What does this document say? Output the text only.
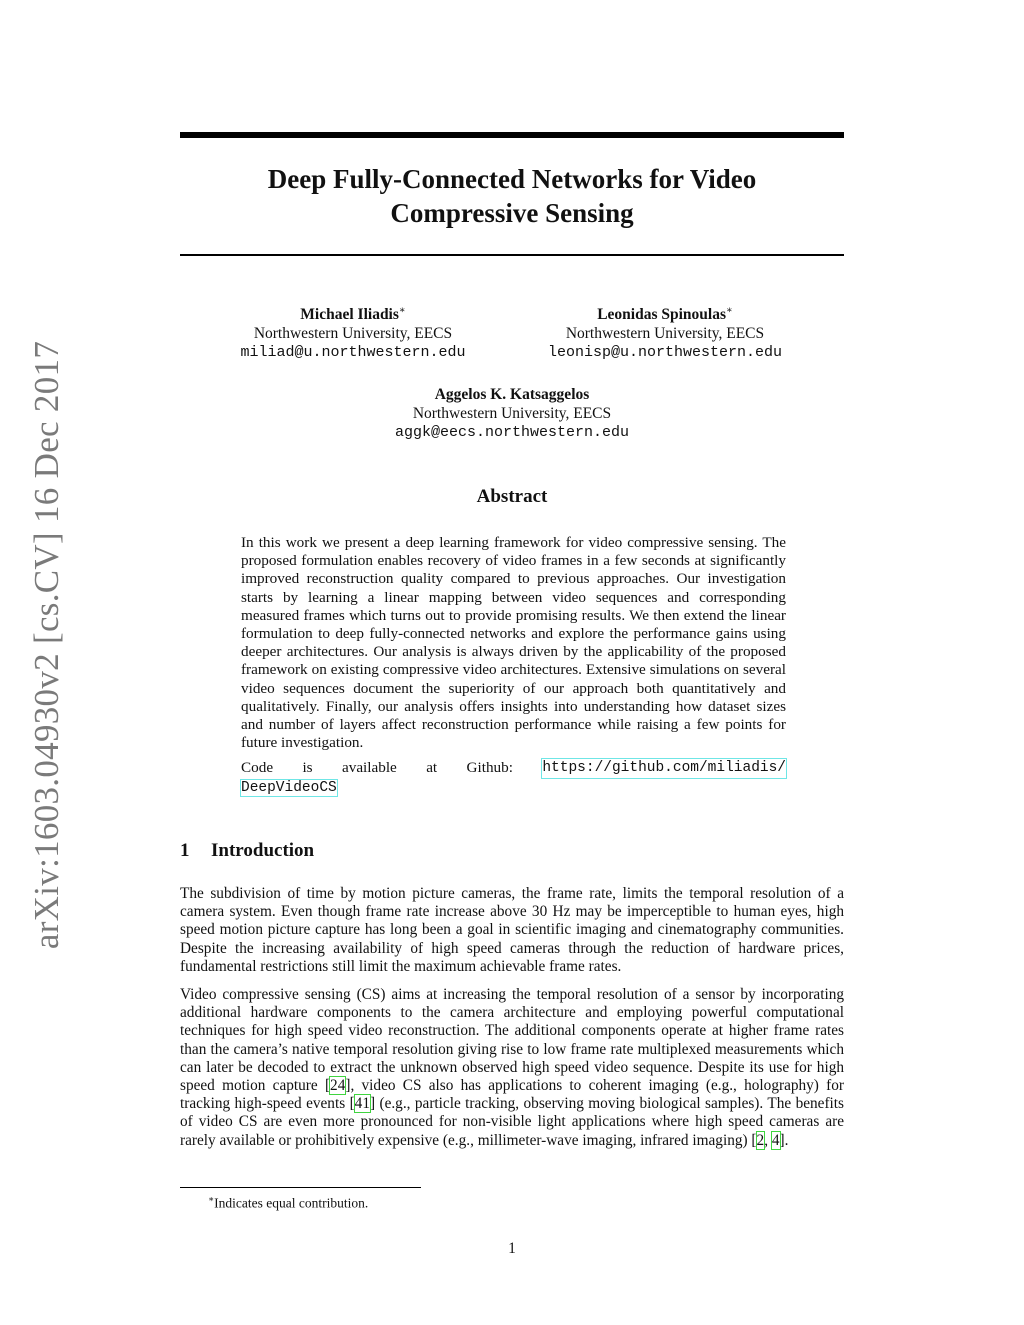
arXiv:1603.04930v2 [cs.CV] 16 Dec 2017
Deep Fully-Connected Networks for Video
Compressive Sensing
Michael Iliadis∗
Northwestern University, EECS
miliad@u.northwestern.edu
Leonidas Spinoulas∗
Northwestern University, EECS
leonisp@u.northwestern.edu
Aggelos K. Katsaggelos
Northwestern University, EECS
aggk@eecs.northwestern.edu
Abstract
In this work we present a deep learning framework for video compressive sensing. The proposed formulation enables recovery of video frames in a few seconds at significantly improved reconstruction quality compared to previous approaches. Our investigation starts by learning a linear mapping between video sequences and corresponding measured frames which turns out to provide promising results. We then extend the linear formulation to deep fully-connected networks and explore the performance gains using deeper architectures. Our analysis is always driven by the applicability of the proposed framework on existing compressive video architectures. Extensive simulations on several video sequences document the superiority of our approach both quantitatively and qualitatively. Finally, our analysis offers insights into understanding how dataset sizes and number of layers affect reconstruction performance while raising a few points for future investigation.
Code is available at Github: https://github.com/miliadis/
DeepVideoCS
1 Introduction
The subdivision of time by motion picture cameras, the frame rate, limits the temporal resolution of a camera system. Even though frame rate increase above 30 Hz may be imperceptible to human eyes, high speed motion picture capture has long been a goal in scientific imaging and cinematography communities. Despite the increasing availability of high speed cameras through the reduction of hardware prices, fundamental restrictions still limit the maximum achievable frame rates.
Video compressive sensing (CS) aims at increasing the temporal resolution of a sensor by incorporating additional hardware components to the camera architecture and employing powerful computational techniques for high speed video reconstruction. The additional components operate at higher frame rates than the camera’s native temporal resolution giving rise to low frame rate multiplexed measurements which can later be decoded to extract the unknown observed high speed video sequence. Despite its use for high speed motion capture [24], video CS also has applications to coherent imaging (e.g., holography) for tracking high-speed events [41] (e.g., particle tracking, observing moving biological samples). The benefits of video CS are even more pronounced for non-visible light applications where high speed cameras are rarely available or prohibitively expensive (e.g., millimeter-wave imaging, infrared imaging) [2, 4].
∗Indicates equal contribution.
1
